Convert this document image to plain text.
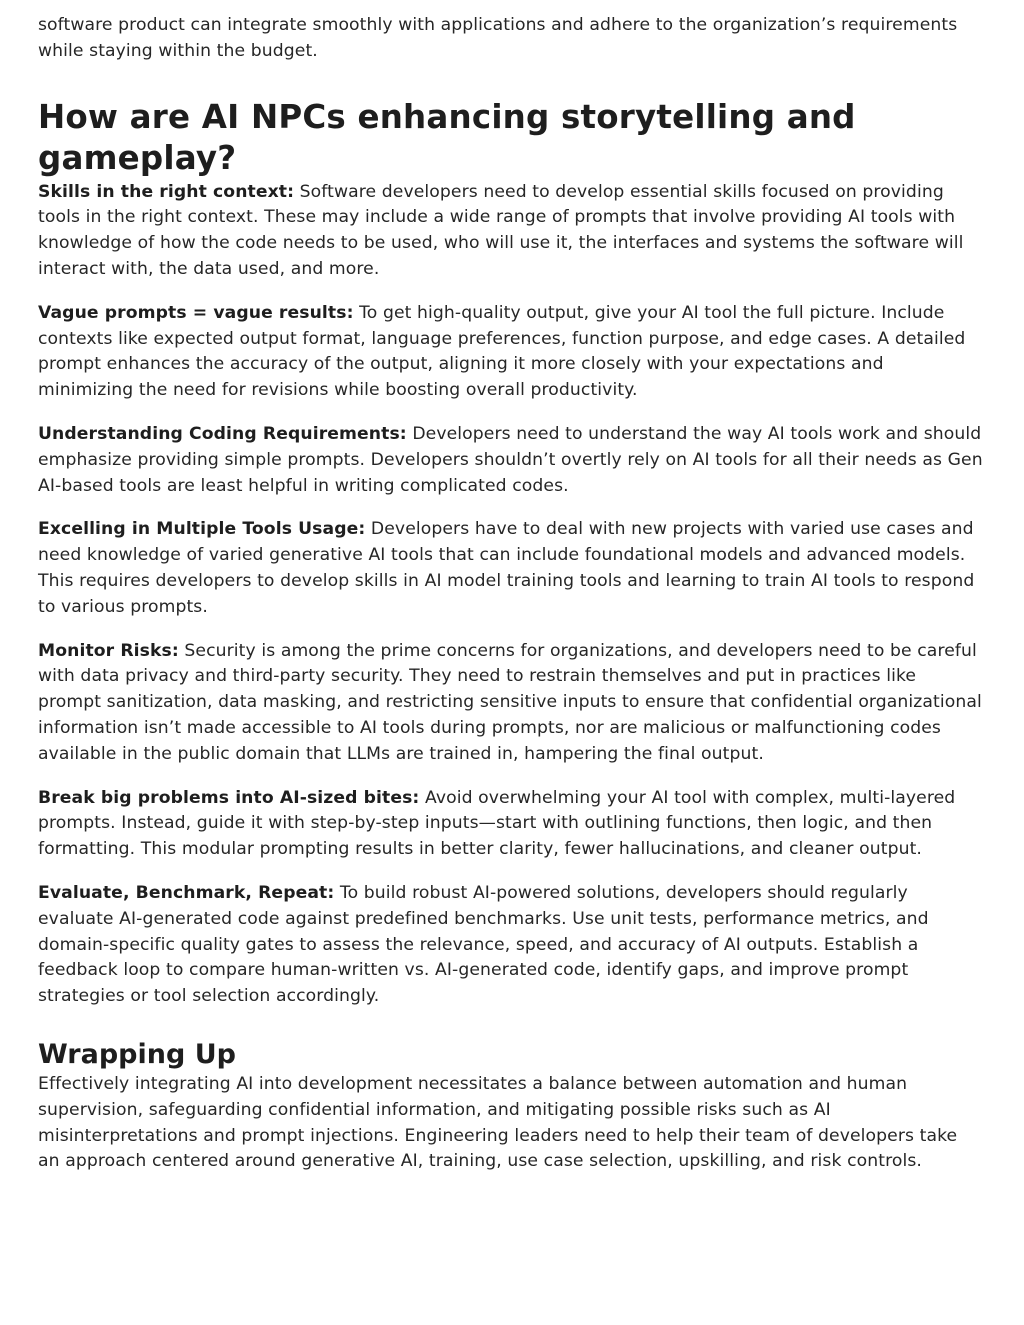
software product can integrate smoothly with applications and adhere to the organization’s requirements while staying within the budget.

How are AI NPCs enhancing storytelling and gameplay?

Skills in the right context: Software developers need to develop essential skills focused on providing tools in the right context. These may include a wide range of prompts that involve providing AI tools with knowledge of how the code needs to be used, who will use it, the interfaces and systems the software will interact with, the data used, and more.

Vague prompts = vague results: To get high-quality output, give your AI tool the full picture. Include contexts like expected output format, language preferences, function purpose, and edge cases. A detailed prompt enhances the accuracy of the output, aligning it more closely with your expectations and minimizing the need for revisions while boosting overall productivity.

Understanding Coding Requirements: Developers need to understand the way AI tools work and should emphasize providing simple prompts. Developers shouldn’t overtly rely on AI tools for all their needs as Gen AI-based tools are least helpful in writing complicated codes.

Excelling in Multiple Tools Usage: Developers have to deal with new projects with varied use cases and need knowledge of varied generative AI tools that can include foundational models and advanced models. This requires developers to develop skills in AI model training tools and learning to train AI tools to respond to various prompts.

Monitor Risks: Security is among the prime concerns for organizations, and developers need to be careful with data privacy and third-party security. They need to restrain themselves and put in practices like prompt sanitization, data masking, and restricting sensitive inputs to ensure that confidential organizational information isn’t made accessible to AI tools during prompts, nor are malicious or malfunctioning codes available in the public domain that LLMs are trained in, hampering the final output.

Break big problems into AI-sized bites: Avoid overwhelming your AI tool with complex, multi-layered prompts. Instead, guide it with step-by-step inputs—start with outlining functions, then logic, and then formatting. This modular prompting results in better clarity, fewer hallucinations, and cleaner output.

Evaluate, Benchmark, Repeat: To build robust AI-powered solutions, developers should regularly evaluate AI-generated code against predefined benchmarks. Use unit tests, performance metrics, and domain-specific quality gates to assess the relevance, speed, and accuracy of AI outputs. Establish a feedback loop to compare human-written vs. AI-generated code, identify gaps, and improve prompt strategies or tool selection accordingly.

Wrapping Up

Effectively integrating AI into development necessitates a balance between automation and human supervision, safeguarding confidential information, and mitigating possible risks such as AI misinterpretations and prompt injections. Engineering leaders need to help their team of developers take an approach centered around generative AI, training, use case selection, upskilling, and risk controls.
